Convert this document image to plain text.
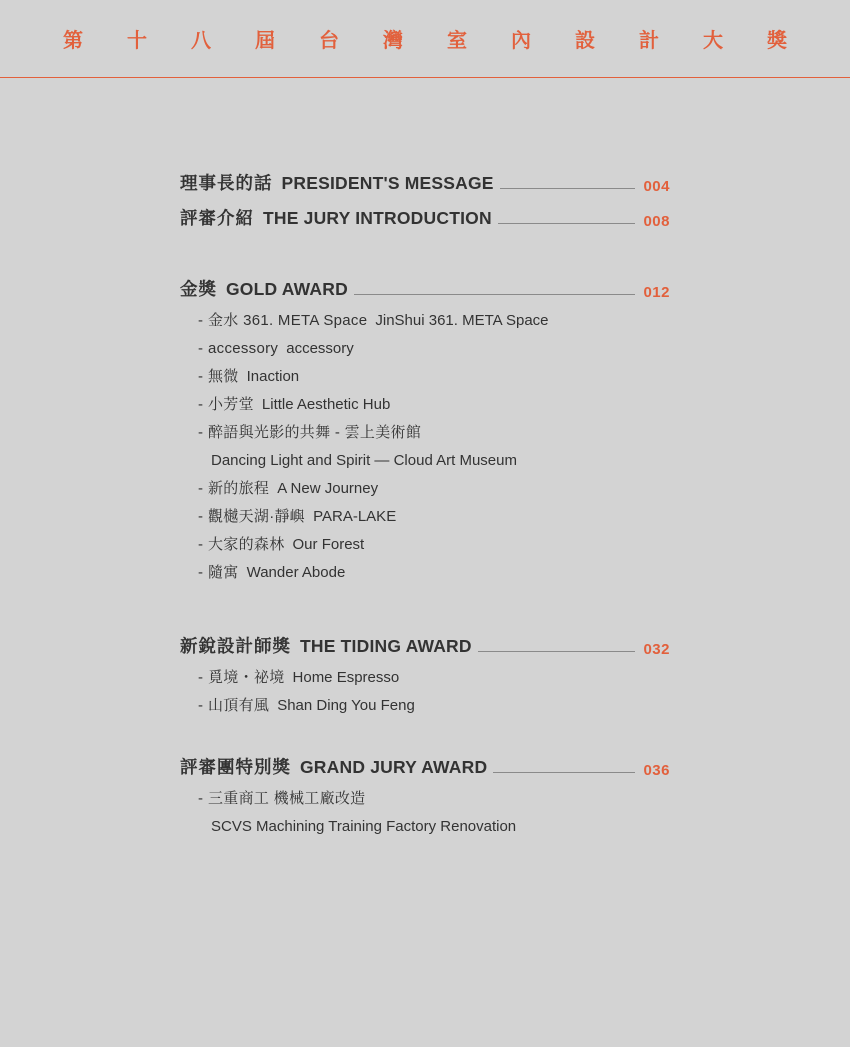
第 十 八 屆 台 灣 室 內 設 計 大 獎
理事長的話 PRESIDENT'S MESSAGE	004
評審介紹 THE JURY INTRODUCTION	008
金獎 GOLD AWARD	012
- 金水 361. META Space JinShui 361. META Space
- accessory accessory
- 無微 Inaction
- 小芳堂 Little Aesthetic Hub
- 醉語與光影的共舞 - 雲上美術館
Dancing Light and Spirit — Cloud Art Museum
- 新的旅程 A New Journey
- 觀樾天湖·靜嶼 PARA-LAKE
- 大家的森林 Our Forest
- 隨寓 Wander Abode
新銳設計師獎 THE TIDING AWARD	032
- 覓境・祕境 Home Espresso
- 山頂有風 Shan Ding You Feng
評審團特別獎 GRAND JURY AWARD	036
- 三重商工 機械工廠改造
SCVS Machining Training Factory Renovation
